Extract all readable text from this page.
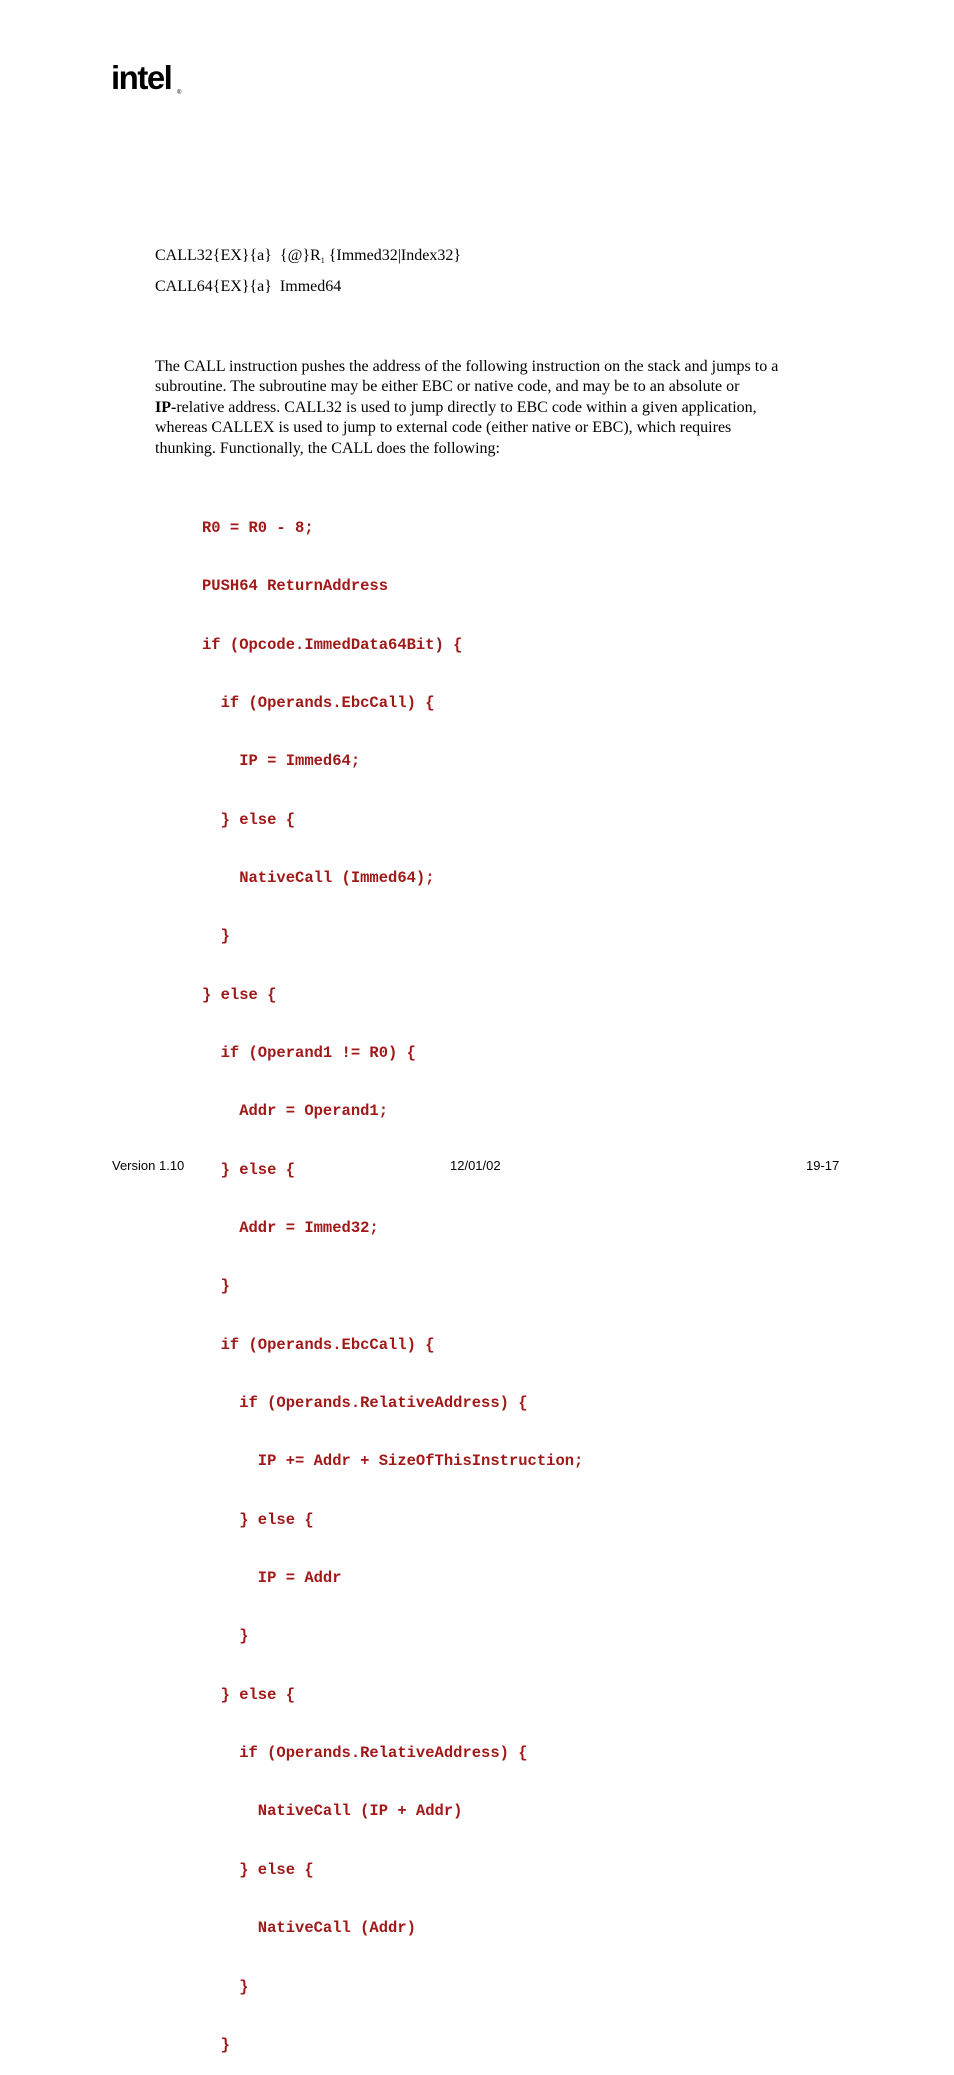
intel ®
CALL32{EX}{a}  $\{@\}R_1$ {Immed32|Index32}
CALL64{EX}{a}  Immed64
The CALL instruction pushes the address of the following instruction on the stack and jumps to a
subroutine. The subroutine may be either EBC or native code, and may be to an absolute or
IP-relative address. CALL32 is used to jump directly to EBC code within a given application,
whereas CALLEX is used to jump to external code (either native or EBC), which requires
thunking. Functionally, the CALL does the following:

R0 = R0 - 8;

PUSH64 ReturnAddress

if (Opcode.ImmedData64Bit) {

if (Operands.EbcCall) {

IP = Immed64;

} else {

NativeCall (Immed64);

}

} else {

if (Operand1 != R0) {

Addr = Operand1;

} else {

Addr = Immed32;

}

if (Operands.EbcCall) {

if (Operands.RelativeAddress) {

IP += Addr + SizeOfThisInstruction;

} else {

IP = Addr

}

} else {

if (Operands.RelativeAddress) {

NativeCall (IP + Addr)

} else {

NativeCall (Addr)

}

}

Version 1.10	12/01/02	19-17
